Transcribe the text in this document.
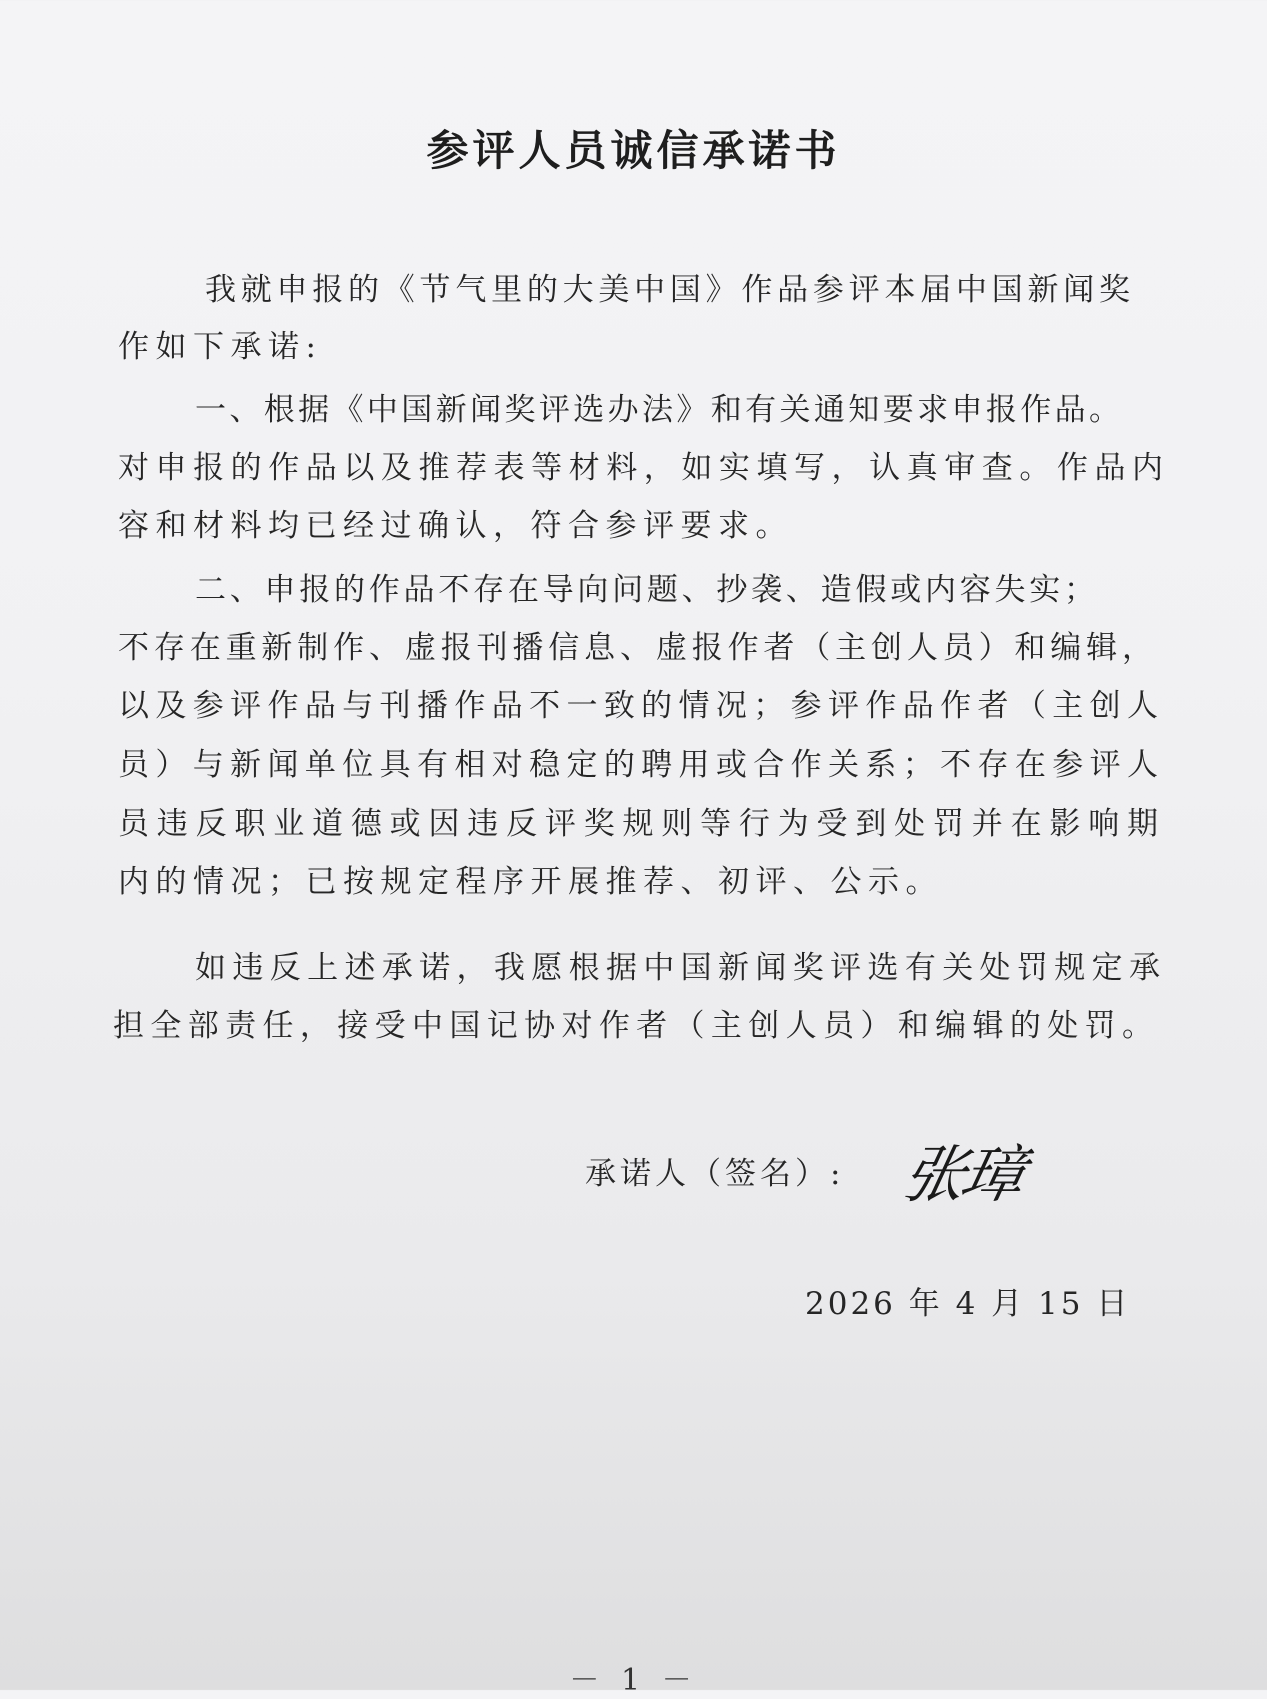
参评人员诚信承诺书
我就申报的《节气里的大美中国》作品参评本届中国新闻奖
作如下承诺:
一、根据《中国新闻奖评选办法》和有关通知要求申报作品。
对申报的作品以及推荐表等材料，如实填写，认真审查。作品内
容和材料均已经过确认，符合参评要求。
二、申报的作品不存在导向问题、抄袭、造假或内容失实；
不存在重新制作、虚报刊播信息、虚报作者（主创人员）和编辑，
以及参评作品与刊播作品不一致的情况；参评作品作者（主创人
员）与新闻单位具有相对稳定的聘用或合作关系；不存在参评人
员违反职业道德或因违反评奖规则等行为受到处罚并在影响期
内的情况；已按规定程序开展推荐、初评、公示。
如违反上述承诺，我愿根据中国新闻奖评选有关处罚规定承
担全部责任，接受中国记协对作者（主创人员）和编辑的处罚。
承诺人（签名）: 张璋
2026 年 4 月 15 日
－ 1 －
